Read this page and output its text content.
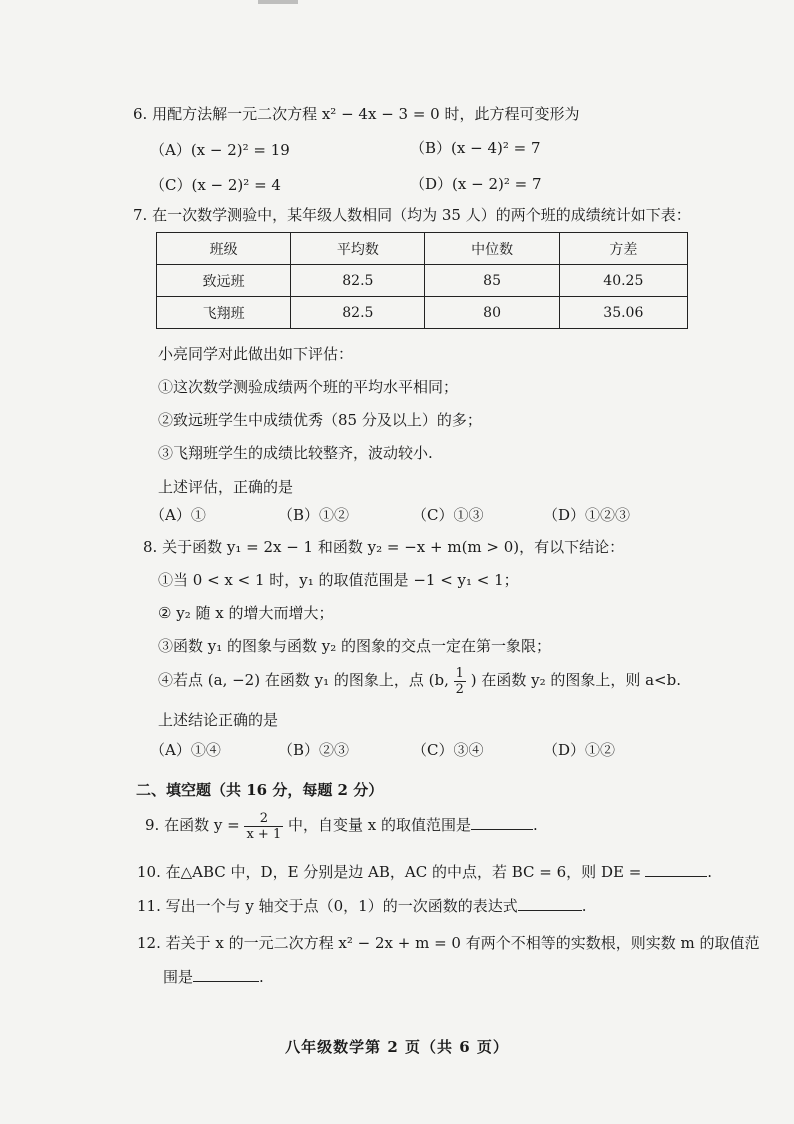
6. 用配方法解一元二次方程 x² − 4x − 3 = 0 时，此方程可变形为
（A）(x − 2)² = 19	（B）(x − 4)² = 7
（C）(x − 2)² = 4	（D）(x − 2)² = 7
7. 在一次数学测验中，某年级人数相同（均为 35 人）的两个班的成绩统计如下表：
班级	平均数	中位数	方差
致远班	82.5	85	40.25
飞翔班	82.5	80	35.06
小亮同学对此做出如下评估：
①这次数学测验成绩两个班的平均水平相同；
②致远班学生中成绩优秀（85 分及以上）的多；
③飞翔班学生的成绩比较整齐，波动较小.
上述评估，正确的是
（A）①	（B）①②	（C）①③	（D）①②③
8. 关于函数 y₁ = 2x − 1 和函数 y₂ = −x + m(m > 0)，有以下结论：
①当 0 < x < 1 时，y₁ 的取值范围是 −1 < y₁ < 1；
② y₂ 随 x 的增大而增大；
③函数 y₁ 的图象与函数 y₂ 的图象的交点一定在第一象限；
④若点 (a, −2) 在函数 y₁ 的图象上，点 (b, $\frac{1}{2}$ ) 在函数 y₂ 的图象上，则 a<b.
上述结论正确的是
（A）①④	（B）②③	（C）③④	（D）①②
二、填空题（共 16 分，每题 2 分）
9. 在函数 $y = \frac{2}{x + 1}$ 中，自变量 x 的取值范围是	.
10. 在△ABC 中，D，E 分别是边 AB，AC 的中点，若 BC = 6，则 DE =	.
11. 写出一个与 y 轴交于点（0，1）的一次函数的表达式	.
12. 若关于 x 的一元二次方程 x² − 2x + m = 0 有两个不相等的实数根，则实数 m 的取值范
围是	.
八年级数学第 2 页（共 6 页）
